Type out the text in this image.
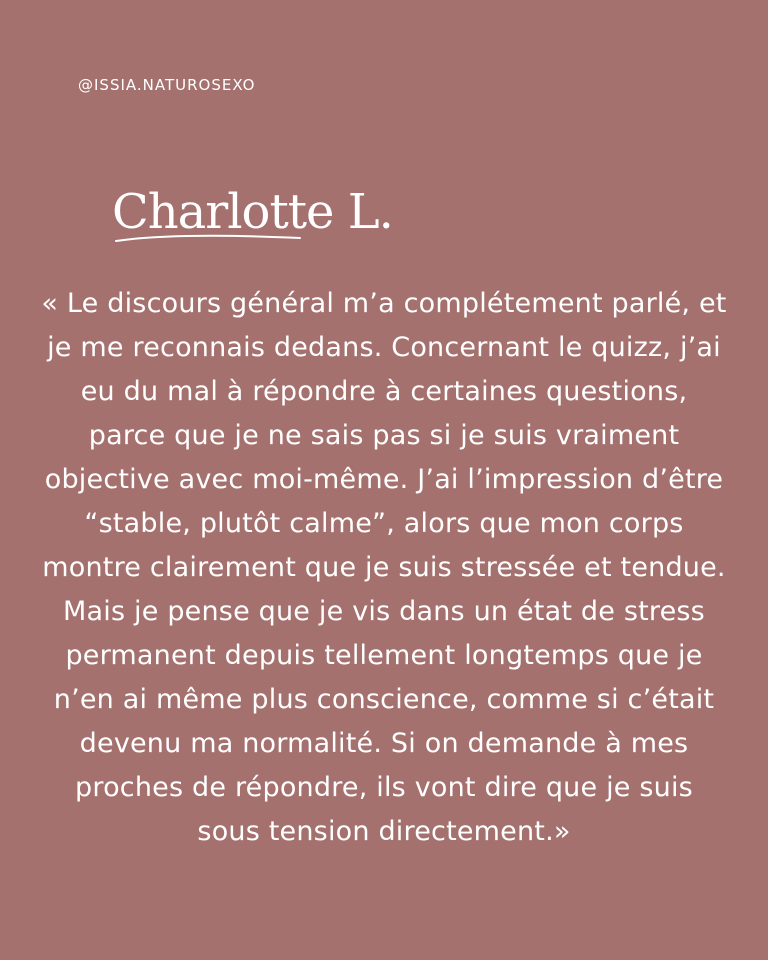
@ISSIA.NATUROSEXO
Charlotte L.
« Le discours général m’a complétement parlé, et je me reconnais dedans. Concernant le quizz, j’ai eu du mal à répondre à certaines questions, parce que je ne sais pas si je suis vraiment objective avec moi-même. J’ai l’impression d’être “stable, plutôt calme”, alors que mon corps montre clairement que je suis stressée et tendue. Mais je pense que je vis dans un état de stress permanent depuis tellement longtemps que je n’en ai même plus conscience, comme si c’était devenu ma normalité. Si on demande à mes proches de répondre, ils vont dire que je suis sous tension directement.»
